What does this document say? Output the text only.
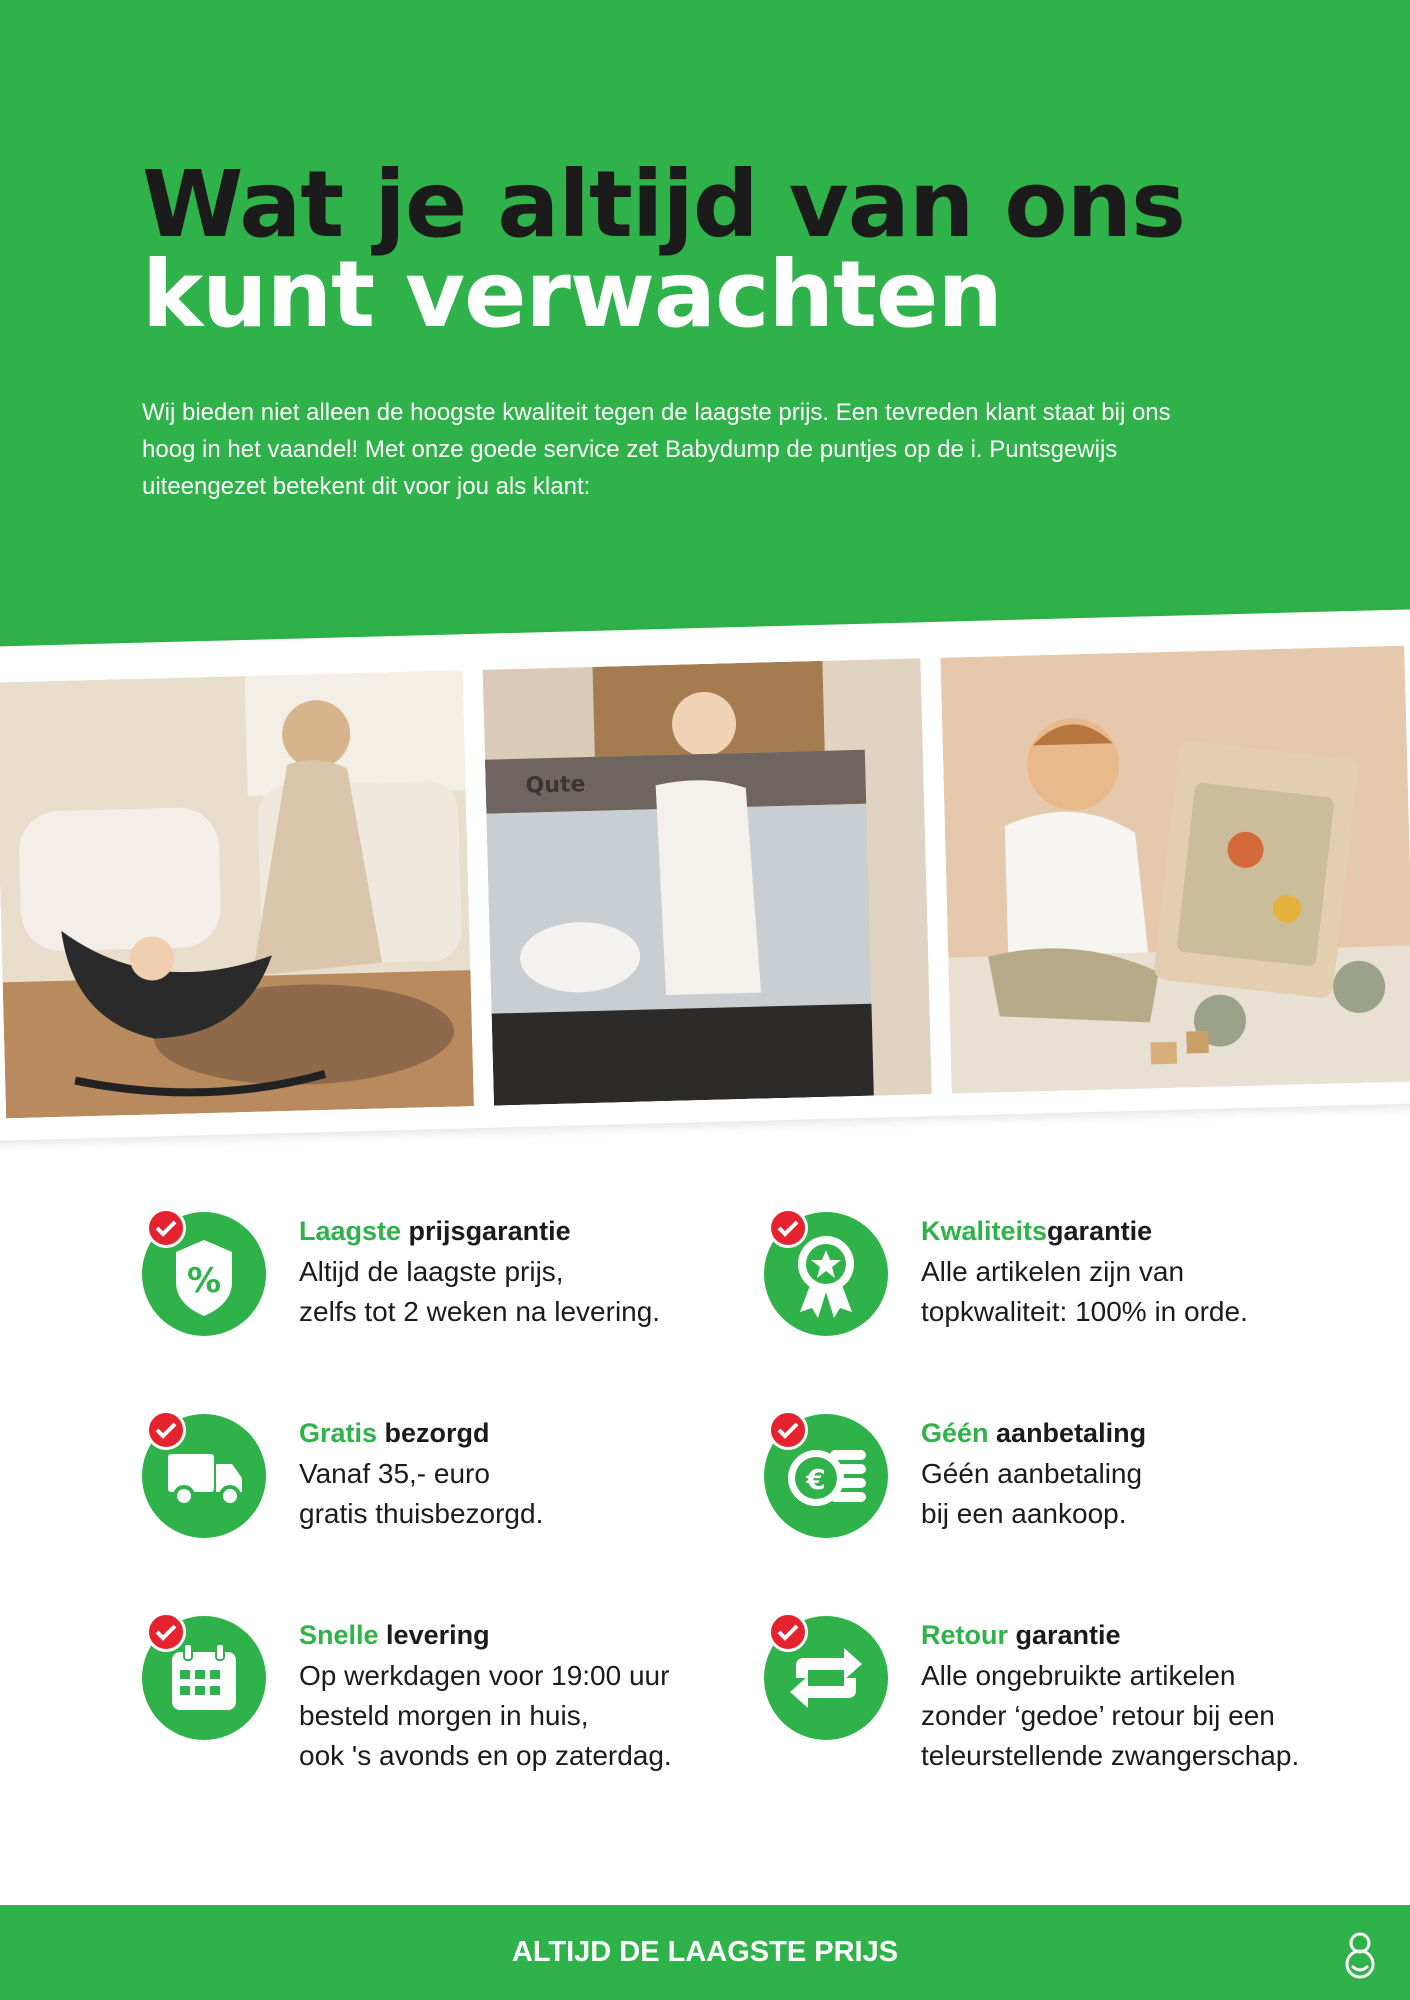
Wat je altijd van ons
kunt verwachten

Wij bieden niet alleen de hoogste kwaliteit tegen de laagste prijs. Een tevreden klant staat bij ons hoog in het vaandel! Met onze goede service zet Babydump de puntjes op de i. Puntsgewijs uiteengezet betekent dit voor jou als klant:

Qute
%

Laagste prijsgarantie

Altijd de laagste prijs,
zelfs tot 2 weken na levering.

Kwaliteitsgarantie

Alle artikelen zijn van
topkwaliteit: 100% in orde.

Gratis bezorgd

Vanaf 35,- euro
gratis thuisbezorgd.

€

Géén aanbetaling

Géén aanbetaling
bij een aankoop.

Snelle levering

Op werkdagen voor 19:00 uur
besteld morgen in huis,
ook 's avonds en op zaterdag.

Retour garantie

Alle ongebruikte artikelen
zonder ‘gedoe’ retour bij een
teleurstellende zwangerschap.

ALTIJD DE LAAGSTE PRIJS
